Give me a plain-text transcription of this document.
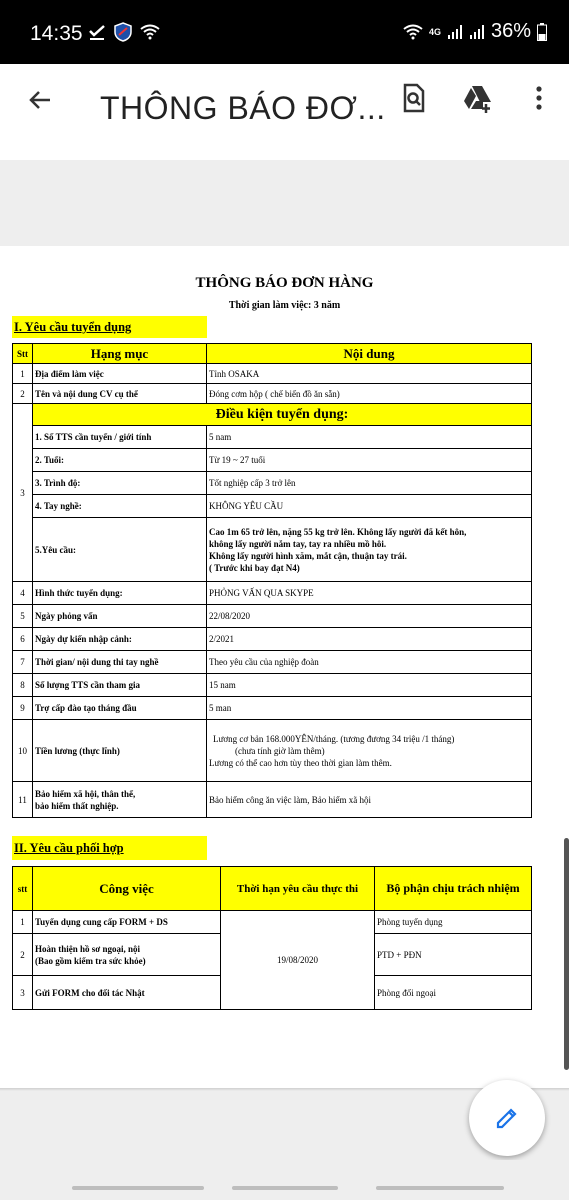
14:35	4G	36%
THÔNG BÁO ĐƠ...
THÔNG BÁO ĐƠN HÀNG
Thời gian làm việc: 3 năm
I. Yêu cầu tuyển dụng
Stt	Hạng mục	Nội dung
1	Địa điểm làm việc	Tỉnh OSAKA
2	Tên và nội dung CV cụ thể	Đóng cơm hộp ( chế biến đồ ăn sẵn)
3	Điều kiện tuyển dụng:	
	1. Số TTS cần tuyển / giới tính	5 nam
	2. Tuổi:	Từ 19 ~ 27 tuổi
	3. Trình độ:	Tốt nghiệp cấp 3 trở lên
	4. Tay nghề:	KHÔNG YÊU CẦU
	5.Yêu cầu:	Cao 1m 65 trở lên, nặng 55 kg trở lên. Không lấy người đã kết hôn,
không lấy người nắm tay, tay ra nhiều mồ hôi.
Không lấy người hình xăm, mắt cận, thuận tay trái.
( Trước khi bay đạt N4)

4	Hình thức tuyển dụng:	PHỎNG VẤN QUA SKYPE
5	Ngày phỏng vấn	22/08/2020
6	Ngày dự kiến nhập cảnh:	2/2021
7	Thời gian/ nội dung thi tay nghề	Theo yêu cầu của nghiệp đoàn
8	Số lượng TTS cần tham gia	15 nam
9	Trợ cấp đào tạo tháng đầu	5 man
10	Tiền lương (thực lĩnh)	Lương cơ bản 168.000YÊN/tháng. (tương đương 34 triệu /1 tháng)
(chưa tính giờ làm thêm)
Lương có thể cao hơn tùy theo thời gian làm thêm.

11	Bảo hiểm xã hội, thân thể,
bảo hiểm thất nghiệp.	Bảo hiểm công ăn việc làm, Bảo hiểm xã hội
II. Yêu cầu phối hợp
stt	Công việc	Thời hạn yêu cầu thực thi	Bộ phận chịu trách nhiệm
1	Tuyển dụng cung cấp FORM + DS	19/08/2020	Phòng tuyển dụng
2	Hoàn thiện hồ sơ ngoại, nội
(Bao gồm kiểm tra sức khỏe)		PTD + PĐN
3	Gửi FORM cho đối tác Nhật		Phòng đối ngoại
